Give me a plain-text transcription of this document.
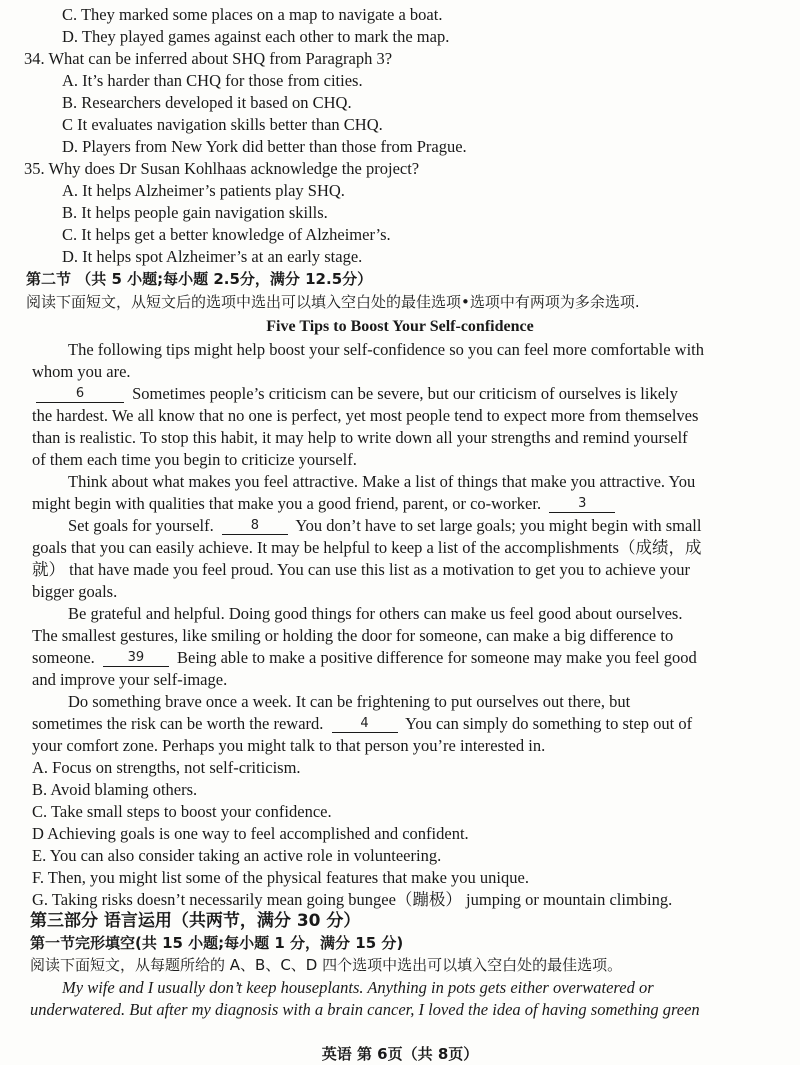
C. They marked some places on a map to navigate a boat.
D. They played games against each other to mark the map.
34. What can be inferred about SHQ from Paragraph 3?
A. It’s harder than CHQ for those from cities.
B. Researchers developed it based on CHQ.
C It evaluates navigation skills better than CHQ.
D. Players from New York did better than those from Prague.
35. Why does Dr Susan Kohlhaas acknowledge the project?
A. It helps Alzheimer’s patients play SHQ.
B. It helps people gain navigation skills.
C. It helps get a better knowledge of Alzheimer’s.
D. It helps spot Alzheimer’s at an early stage.
第二节 （共 5 小题;每小题 2.5分，满分 12.5分）
阅读下面短文，从短文后的选项中选出可以填入空白处的最佳选项•选项中有两项为多余选项.
Five Tips to Boost Your Self-confidence
The following tips might help boost your self-confidence so you can feel more comfortable with
whom you are.
6	Sometimes people’s criticism can be severe, but our criticism of ourselves is likely
the hardest. We all know that no one is perfect, yet most people tend to expect more from themselves
than is realistic. To stop this habit, it may help to write down all your strengths and remind yourself
of them each time you begin to criticize yourself.
Think about what makes you feel attractive. Make a list of things that make you attractive. You
might begin with qualities that make you a good friend, parent, or co-worker.	3
Set goals for yourself.	8 You don’t have to set large goals; you might begin with small
goals that you can easily achieve. It may be helpful to keep a list of the accomplishments（成绩，成
就） that have made you feel proud. You can use this list as a motivation to get you to achieve your
bigger goals.
Be grateful and helpful. Doing good things for others can make us feel good about ourselves.
The smallest gestures, like smiling or holding the door for someone, can make a big difference to
someone.	39 Being able to make a positive difference for someone may make you feel good
and improve your self-image.
Do something brave once a week. It can be frightening to put ourselves out there, but
sometimes the risk can be worth the reward.	4 You can simply do something to step out of
your comfort zone. Perhaps you might talk to that person you’re interested in.
A. Focus on strengths, not self-criticism.
B. Avoid blaming others.
C. Take small steps to boost your confidence.
D Achieving goals is one way to feel accomplished and confident.
E. You can also consider taking an active role in volunteering.
F. Then, you might list some of the physical features that make you unique.
G. Taking risks doesn’t necessarily mean going bungee（蹦极） jumping or mountain climbing.
第三部分 语言运用（共两节，满分 30 分）
第一节完形填空(共 15 小题;每小题 1 分，满分 15 分)
阅读下面短文，从每题所给的 A、B、C、D 四个选项中选出可以填入空白处的最佳选项。
My wife and I usually don’t keep houseplants. Anything in pots gets either overwatered or
underwatered. But after my diagnosis with a brain cancer, I loved the idea of having something green
英语 第 6页（共 8页）
